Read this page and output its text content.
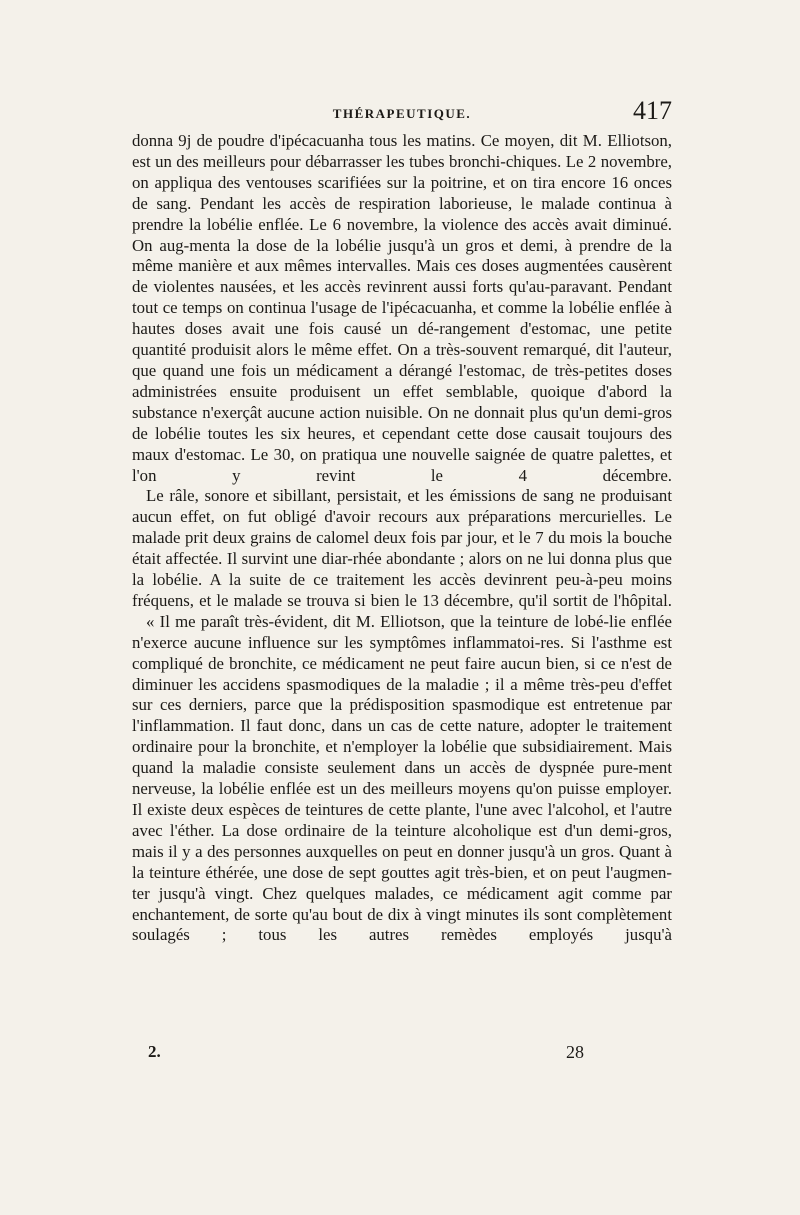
THÉRAPEUTIQUE.	417

donna 9j de poudre d'ipécacuanha tous les matins. Ce moyen, dit M. Elliotson, est un des meilleurs pour débarrasser les tubes bronchi-chiques. Le 2 novembre, on appliqua des ventouses scarifiées sur la poitrine, et on tira encore 16 onces de sang. Pendant les accès de respiration laborieuse, le malade continua à prendre la lobélie enflée. Le 6 novembre, la violence des accès avait diminué. On aug-menta la dose de la lobélie jusqu'à un gros et demi, à prendre de la même manière et aux mêmes intervalles. Mais ces doses augmentées causèrent de violentes nausées, et les accès revinrent aussi forts qu'au-paravant. Pendant tout ce temps on continua l'usage de l'ipécacuanha, et comme la lobélie enflée à hautes doses avait une fois causé un dé-rangement d'estomac, une petite quantité produisit alors le même effet. On a très-souvent remarqué, dit l'auteur, que quand une fois un médicament a dérangé l'estomac, de très-petites doses administrées ensuite produisent un effet semblable, quoique d'abord la substance n'exerçât aucune action nuisible. On ne donnait plus qu'un demi-gros de lobélie toutes les six heures, et cependant cette dose causait toujours des maux d'estomac. Le 30, on pratiqua une nouvelle saignée de quatre palettes, et l'on y revint le 4 décembre.

Le râle, sonore et sibillant, persistait, et les émissions de sang ne produisant aucun effet, on fut obligé d'avoir recours aux préparations mercurielles. Le malade prit deux grains de calomel deux fois par jour, et le 7 du mois la bouche était affectée. Il survint une diar-rhée abondante ; alors on ne lui donna plus que la lobélie. A la suite de ce traitement les accès devinrent peu-à-peu moins fréquens, et le malade se trouva si bien le 13 décembre, qu'il sortit de l'hôpital.

« Il me paraît très-évident, dit M. Elliotson, que la teinture de lobé-lie enflée n'exerce aucune influence sur les symptômes inflammatoi-res. Si l'asthme est compliqué de bronchite, ce médicament ne peut faire aucun bien, si ce n'est de diminuer les accidens spasmodiques de la maladie ; il a même très-peu d'effet sur ces derniers, parce que la prédisposition spasmodique est entretenue par l'inflammation. Il faut donc, dans un cas de cette nature, adopter le traitement ordinaire pour la bronchite, et n'employer la lobélie que subsidiairement. Mais quand la maladie consiste seulement dans un accès de dyspnée pure-ment nerveuse, la lobélie enflée est un des meilleurs moyens qu'on puisse employer. Il existe deux espèces de teintures de cette plante, l'une avec l'alcohol, et l'autre avec l'éther. La dose ordinaire de la teinture alcoholique est d'un demi-gros, mais il y a des personnes auxquelles on peut en donner jusqu'à un gros. Quant à la teinture éthérée, une dose de sept gouttes agit très-bien, et on peut l'augmen-ter jusqu'à vingt. Chez quelques malades, ce médicament agit comme par enchantement, de sorte qu'au bout de dix à vingt minutes ils sont complètement soulagés ; tous les autres remèdes employés jusqu'à

2.	28
